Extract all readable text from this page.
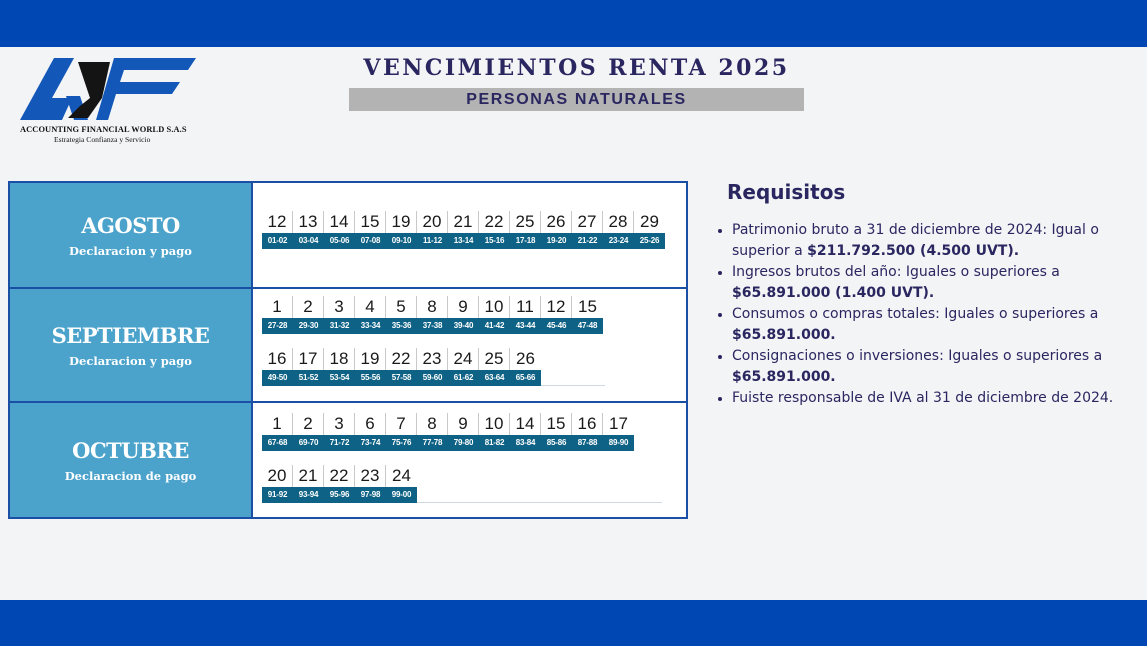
ACCOUNTING FINANCIAL WORLD S.A.S
Estrategia Confianza y Servicio
VENCIMIENTOS RENTA 2025
PERSONAS NATURALES
AGOSTO
Declaracion y pago
12
01-02
13
03-04
14
05-06
15
07-08
19
09-10
20
11-12
21
13-14
22
15-16
25
17-18
26
19-20
27
21-22
28
23-24
29
25-26
SEPTIEMBRE
Declaracion y pago
1
27-28
2
29-30
3
31-32
4
33-34
5
35-36
8
37-38
9
39-40
10
41-42
11
43-44
12
45-46
15
47-48
16
49-50
17
51-52
18
53-54
19
55-56
22
57-58
23
59-60
24
61-62
25
63-64
26
65-66
OCTUBRE
Declaracion de pago
1
67-68
2
69-70
3
71-72
6
73-74
7
75-76
8
77-78
9
79-80
10
81-82
14
83-84
15
85-86
16
87-88
17
89-90
20
91-92
21
93-94
22
95-96
23
97-98
24
99-00
Requisitos
• Patrimonio bruto a 31 de diciembre de 2024: Igual o superior a $211.792.500 (4.500 UVT).
• Ingresos brutos del año: Iguales o superiores a $65.891.000 (1.400 UVT).
• Consumos o compras totales: Iguales o superiores a $65.891.000.
• Consignaciones o inversiones: Iguales o superiores a $65.891.000.
• Fuiste responsable de IVA al 31 de diciembre de 2024.
